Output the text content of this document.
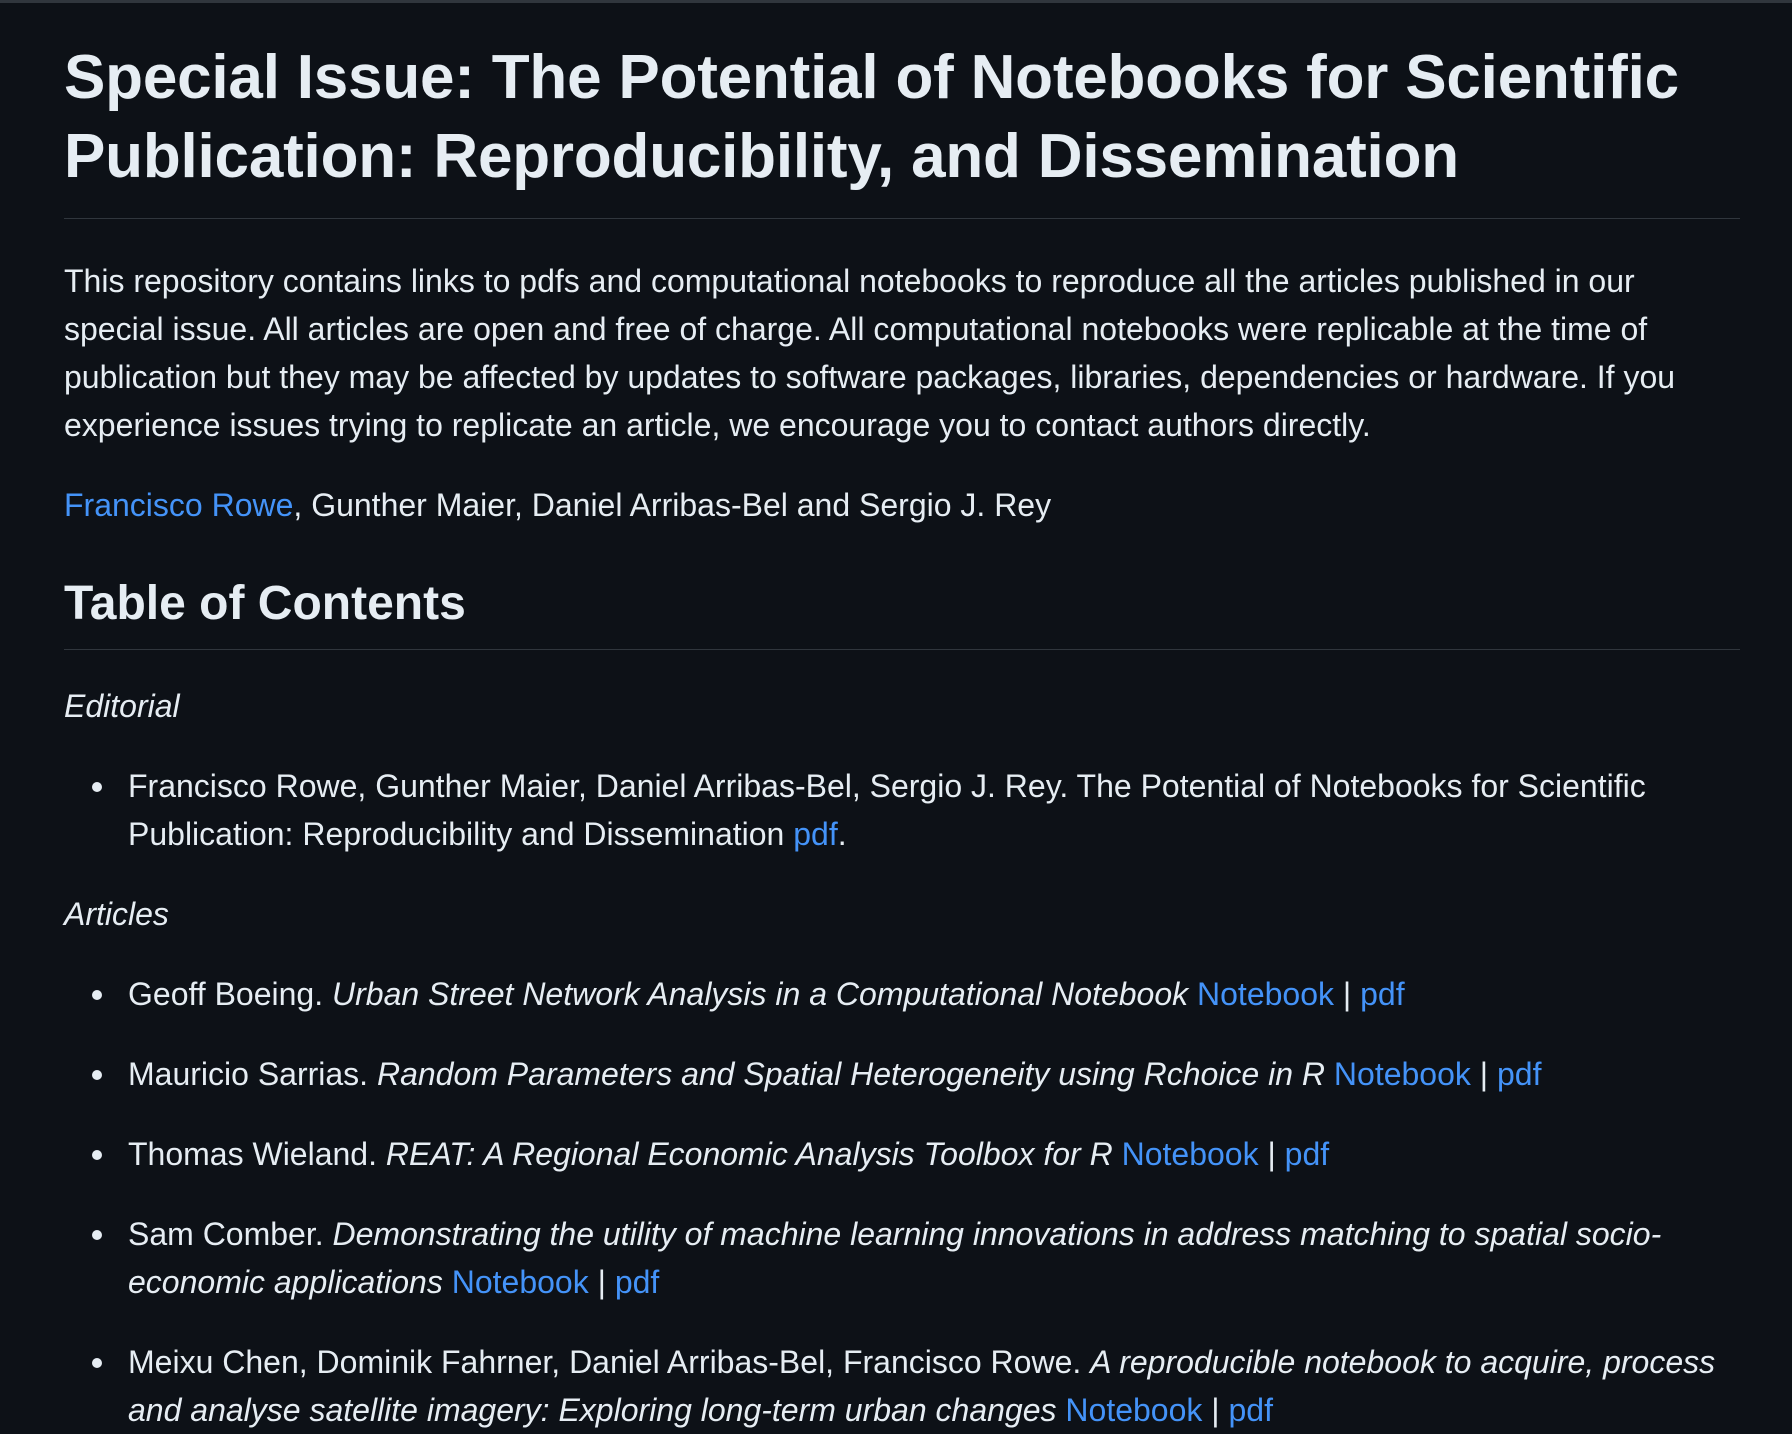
Special Issue: The Potential of Notebooks for Scientific Publication: Reproducibility, and Dissemination

This repository contains links to pdfs and computational notebooks to reproduce all the articles published in our special issue. All articles are open and free of charge. All computational notebooks were replicable at the time of publication but they may be affected by updates to software packages, libraries, dependencies or hardware. If you experience issues trying to replicate an article, we encourage you to contact authors directly.

Francisco Rowe, Gunther Maier, Daniel Arribas-Bel and Sergio J. Rey

Table of Contents

Editorial

Francisco Rowe, Gunther Maier, Daniel Arribas-Bel, Sergio J. Rey. The Potential of Notebooks for Scientific Publication: Reproducibility and Dissemination pdf.

Articles

Geoff Boeing. Urban Street Network Analysis in a Computational Notebook Notebook | pdf
Mauricio Sarrias. Random Parameters and Spatial Heterogeneity using Rchoice in R Notebook | pdf
Thomas Wieland. REAT: A Regional Economic Analysis Toolbox for R Notebook | pdf
Sam Comber. Demonstrating the utility of machine learning innovations in address matching to spatial socio-economic applications Notebook | pdf
Meixu Chen, Dominik Fahrner, Daniel Arribas-Bel, Francisco Rowe. A reproducible notebook to acquire, process and analyse satellite imagery: Exploring long-term urban changes Notebook | pdf
